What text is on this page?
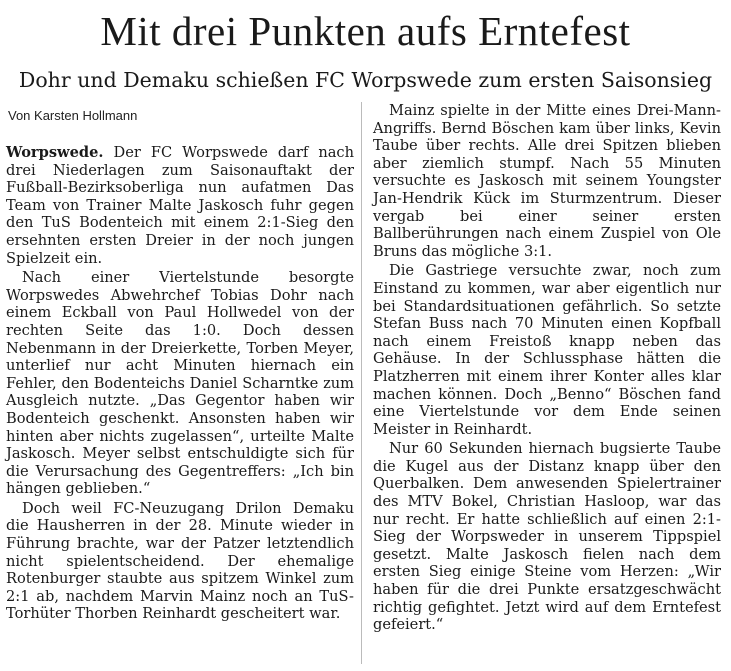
Mit drei Punkten aufs Erntefest
Dohr und Demaku schießen FC Worpswede zum ersten Saisonsieg
Von Karsten Hollmann

Worpswede. Der FC Worpswede darf nach drei Niederlagen zum Saisonauftakt der Fußball-Bezirksoberliga nun aufatmen Das Team von Trainer Malte Jaskosch fuhr gegen den TuS Bodenteich mit einem 2:1-Sieg den ersehnten ersten Dreier in der noch jungen Spielzeit ein.

Nach einer Viertelstunde besorgte Worpswedes Abwehrchef Tobias Dohr nach einem Eckball von Paul Hollwedel von der rechten Seite das 1:0. Doch dessen Nebenmann in der Dreierkette, Torben Meyer, unterlief nur acht Minuten hiernach ein Fehler, den Bodenteichs Daniel Scharntke zum Ausgleich nutzte. „Das Gegentor haben wir Bodenteich geschenkt. Ansonsten haben wir hinten aber nichts zugelassen“, urteilte Malte Jaskosch. Meyer selbst entschuldigte sich für die Verursachung des Gegentreffers: „Ich bin hängen geblieben.“

Doch weil FC-Neuzugang Drilon Demaku die Hausherren in der 28. Minute wieder in Führung brachte, war der Patzer letztendlich nicht spielentscheidend. Der ehemalige Rotenburger staubte aus spitzem Winkel zum 2:1 ab, nachdem Marvin Mainz noch an TuS-Torhüter Thorben Reinhardt gescheitert war.

Mainz spielte in der Mitte eines Drei-Mann-Angriffs. Bernd Böschen kam über links, Kevin Taube über rechts. Alle drei Spitzen blieben aber ziemlich stumpf. Nach 55 Minuten versuchte es Jaskosch mit seinem Youngster Jan-Hendrik Kück im Sturmzentrum. Dieser vergab bei einer seiner ersten Ballberührungen nach einem Zuspiel von Ole Bruns das mögliche 3:1.

Die Gastriege versuchte zwar, noch zum Einstand zu kommen, war aber eigentlich nur bei Standardsituationen gefährlich. So setzte Stefan Buss nach 70 Minuten einen Kopfball nach einem Freistoß knapp neben das Gehäuse. In der Schlussphase hätten die Platzherren mit einem ihrer Konter alles klar machen können. Doch „Benno“ Böschen fand eine Viertelstunde vor dem Ende seinen Meister in Reinhardt.

Nur 60 Sekunden hiernach bugsierte Taube die Kugel aus der Distanz knapp über den Querbalken. Dem anwesenden Spielertrainer des MTV Bokel, Christian Hasloop, war das nur recht. Er hatte schließlich auf einen 2:1-Sieg der Worpsweder in unserem Tippspiel gesetzt. Malte Jaskosch fielen nach dem ersten Sieg einige Steine vom Herzen: „Wir haben für die drei Punkte ersatzgeschwächt richtig gefightet. Jetzt wird auf dem Erntefest gefeiert.“
